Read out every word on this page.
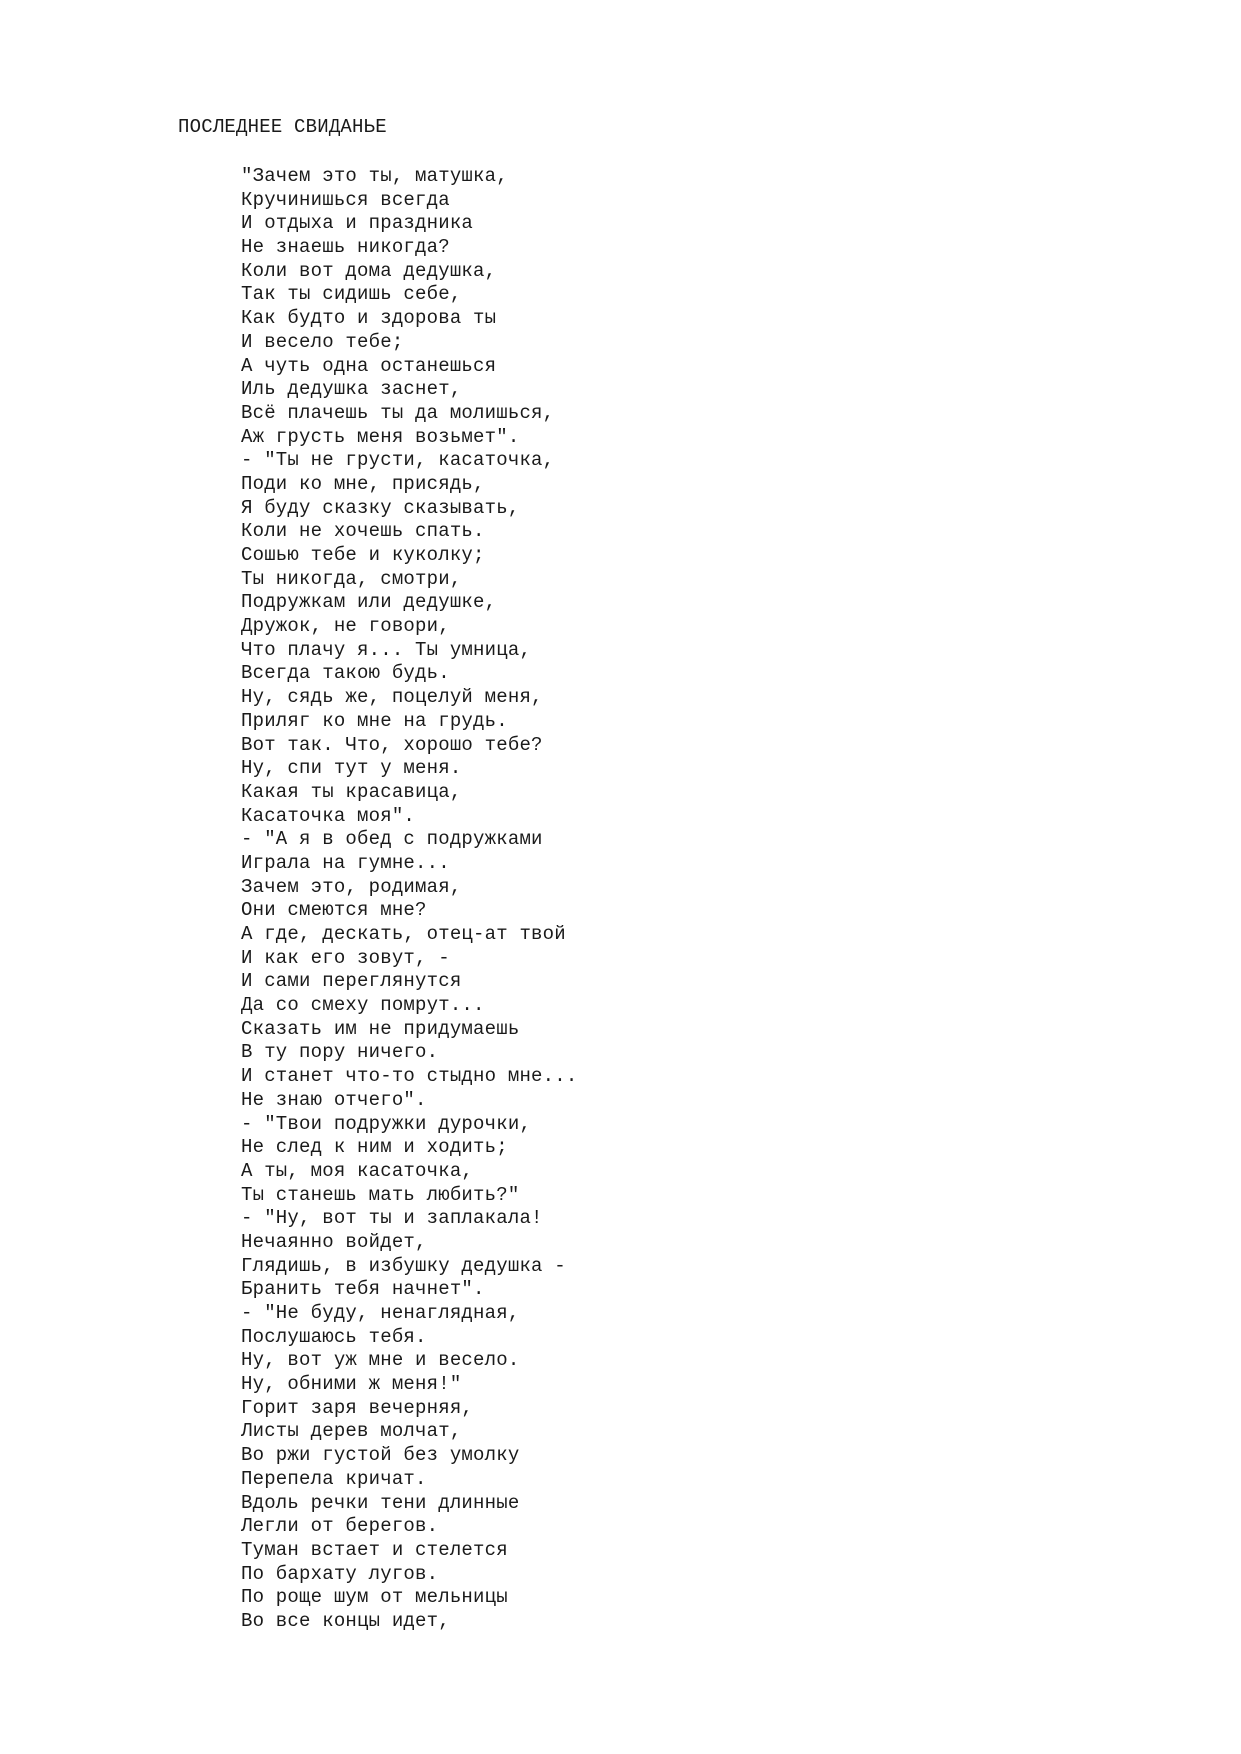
ПОСЛЕДНЕЕ СВИДАНЬЕ
"Зачем это ты, матушка,
Кручинишься всегда
И отдыха и праздника
Не знаешь никогда?
Коли вот дома дедушка,
Так ты сидишь себе,
Как будто и здорова ты
И весело тебе;
А чуть одна останешься
Иль дедушка заснет,
Всё плачешь ты да молишься,
Аж грусть меня возьмет".
- "Ты не грусти, касаточка,
Поди ко мне, присядь,
Я буду сказку сказывать,
Коли не хочешь спать.
Сошью тебе и куколку;
Ты никогда, смотри,
Подружкам или дедушке,
Дружок, не говори,
Что плачу я... Ты умница,
Всегда такою будь.
Ну, сядь же, поцелуй меня,
Приляг ко мне на грудь.
Вот так. Что, хорошо тебе?
Ну, спи тут у меня.
Какая ты красавица,
Касаточка моя".
- "А я в обед с подружками
Играла на гумне...
Зачем это, родимая,
Они смеются мне?
А где, дескать, отец-ат твой
И как его зовут, -
И сами переглянутся
Да со смеху помрут...
Сказать им не придумаешь
В ту пору ничего.
И станет что-то стыдно мне...
Не знаю отчего".
- "Твои подружки дурочки,
Не след к ним и ходить;
А ты, моя касаточка,
Ты станешь мать любить?"
- "Ну, вот ты и заплакала!
Нечаянно войдет,
Глядишь, в избушку дедушка -
Бранить тебя начнет".
- "Не буду, ненаглядная,
Послушаюсь тебя.
Ну, вот уж мне и весело.
Ну, обними ж меня!"
Горит заря вечерняя,
Листы дерев молчат,
Во ржи густой без умолку
Перепела кричат.
Вдоль речки тени длинные
Легли от берегов.
Туман встает и стелется
По бархату лугов.
По роще шум от мельницы
Во все концы идет,
